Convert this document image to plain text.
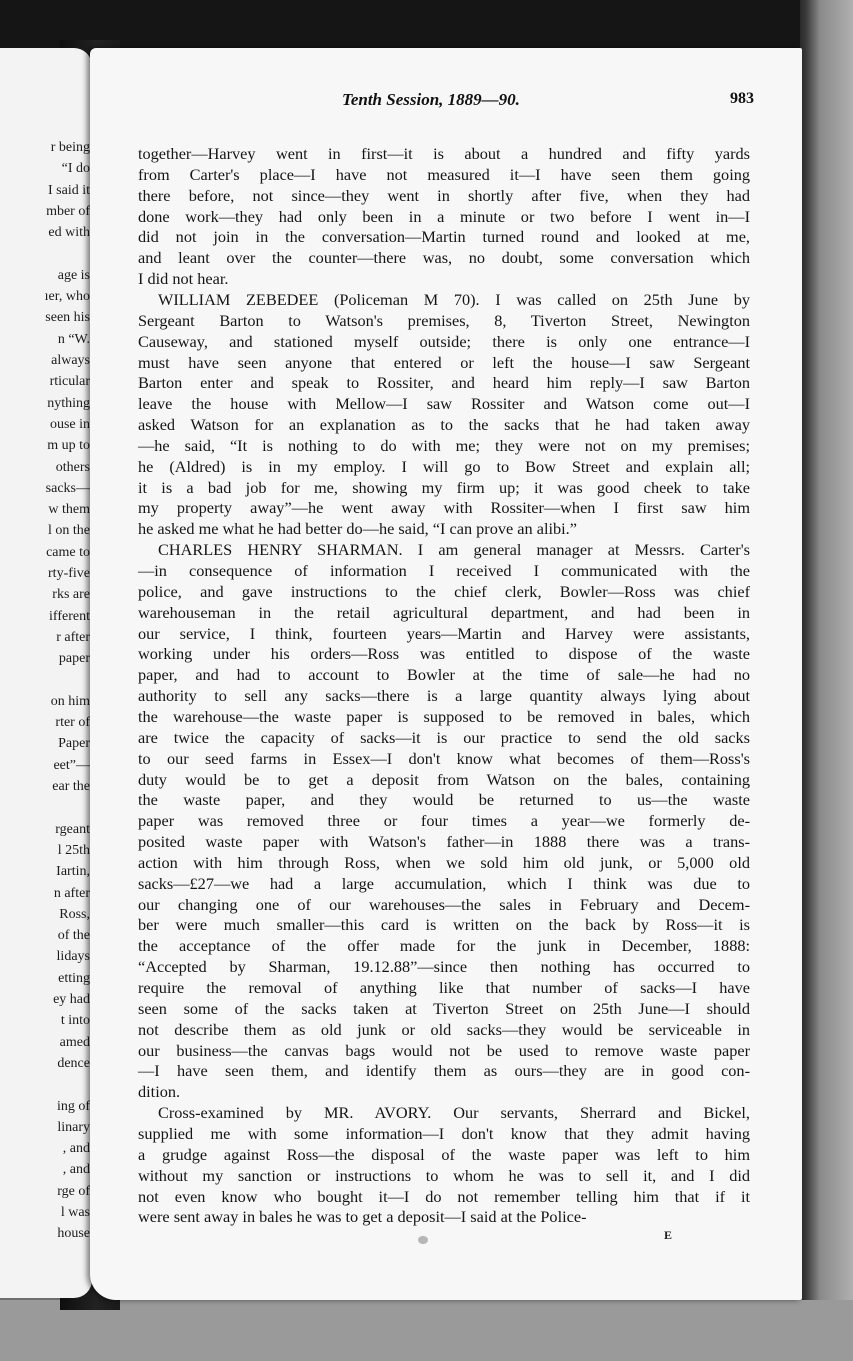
r being
“I do
I said it
mber of
ed with
age is
ıer, who
seen his
n “W.
always
rticular
nything
ouse in
m up to
others
sacks—
w them
l on the
came to
rty-five
rks are
ifferent
r after
paper
on him
rter of
Paper
eet”—
ear the
rgeant
l 25th
Iartin,
n after
Ross,
of the
lidays
etting
ey had
t into
amed
dence
ing of
linary
, and
, and
rge of
l was
house
Tenth Session, 1889—90.	983
together—Harvey went in first—it is about a hundred and fifty yards
from Carter's place—I have not measured it—I have seen them going
there before, not since—they went in shortly after five, when they had
done work—they had only been in a minute or two before I went in—I
did not join in the conversation—Martin turned round and looked at me,
and leant over the counter—there was, no doubt, some conversation which
I did not hear.
WILLIAM ZEBEDEE (Policeman M 70). I was called on 25th June by
Sergeant Barton to Watson's premises, 8, Tiverton Street, Newington
Causeway, and stationed myself outside; there is only one entrance—I
must have seen anyone that entered or left the house—I saw Sergeant
Barton enter and speak to Rossiter, and heard him reply—I saw Barton
leave the house with Mellow—I saw Rossiter and Watson come out—I
asked Watson for an explanation as to the sacks that he had taken away
—he said, “It is nothing to do with me; they were not on my premises;
he (Aldred) is in my employ. I will go to Bow Street and explain all;
it is a bad job for me, showing my firm up; it was good cheek to take
my property away”—he went away with Rossiter—when I first saw him
he asked me what he had better do—he said, “I can prove an alibi.”
CHARLES HENRY SHARMAN. I am general manager at Messrs. Carter's
—in consequence of information I received I communicated with the
police, and gave instructions to the chief clerk, Bowler—Ross was chief
warehouseman in the retail agricultural department, and had been in
our service, I think, fourteen years—Martin and Harvey were assistants,
working under his orders—Ross was entitled to dispose of the waste
paper, and had to account to Bowler at the time of sale—he had no
authority to sell any sacks—there is a large quantity always lying about
the warehouse—the waste paper is supposed to be removed in bales, which
are twice the capacity of sacks—it is our practice to send the old sacks
to our seed farms in Essex—I don't know what becomes of them—Ross's
duty would be to get a deposit from Watson on the bales, containing
the waste paper, and they would be returned to us—the waste
paper was removed three or four times a year—we formerly de-
posited waste paper with Watson's father—in 1888 there was a trans-
action with him through Ross, when we sold him old junk, or 5,000 old
sacks—£27—we had a large accumulation, which I think was due to
our changing one of our warehouses—the sales in February and Decem-
ber were much smaller—this card is written on the back by Ross—it is
the acceptance of the offer made for the junk in December, 1888:
“Accepted by Sharman, 19.12.88”—since then nothing has occurred to
require the removal of anything like that number of sacks—I have
seen some of the sacks taken at Tiverton Street on 25th June—I should
not describe them as old junk or old sacks—they would be serviceable in
our business—the canvas bags would not be used to remove waste paper
—I have seen them, and identify them as ours—they are in good con-
dition.
Cross-examined by MR. AVORY. Our servants, Sherrard and Bickel,
supplied me with some information—I don't know that they admit having
a grudge against Ross—the disposal of the waste paper was left to him
without my sanction or instructions to whom he was to sell it, and I did
not even know who bought it—I do not remember telling him that if it
were sent away in bales he was to get a deposit—I said at the Police-
E
